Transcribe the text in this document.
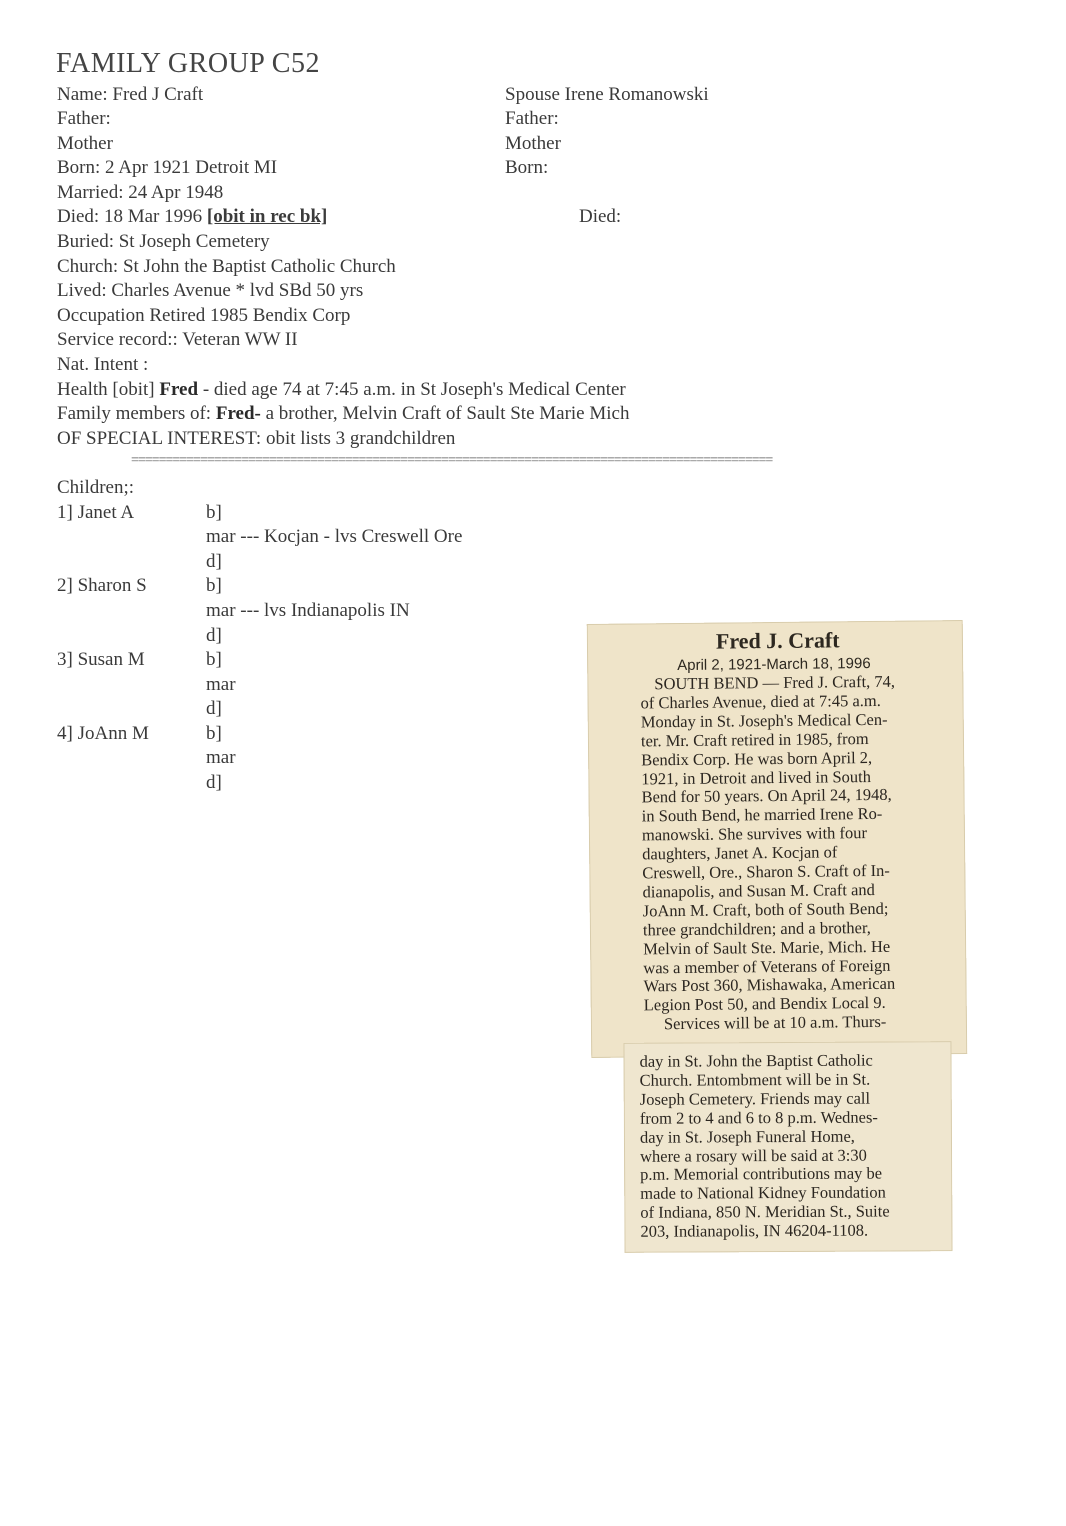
FAMILY GROUP C52
Name: Fred J Craft
Father:
Mother
Born: 2 Apr 1921 Detroit MI
Married: 24 Apr 1948
Died: 18 Mar 1996 [obit in rec bk]
Buried: St Joseph Cemetery
Church: St John the Baptist Catholic Church
Lived: Charles Avenue * lvd SBd 50 yrs
Occupation Retired 1985 Bendix Corp
Service record:: Veteran WW II
Nat. Intent :
Health [obit] Fred - died age 74 at 7:45 a.m. in St Joseph's Medical Center
Family members of: Fred- a brother, Melvin Craft of Sault Ste Marie Mich
OF SPECIAL INTEREST: obit lists 3 grandchildren
Spouse Irene Romanowski
Father:
Mother
Born:
Died:
=============================================================================================
Children;:
1] Janet A	b]
mar --- Kocjan - lvs Creswell Ore
d]
2] Sharon S	b]
mar --- lvs Indianapolis IN
d]
3] Susan M	b]
mar
d]
4] JoAnn M	b]
mar
d]
Fred J. Craft
April 2, 1921-March 18, 1996
SOUTH BEND — Fred J. Craft, 74,
of Charles Avenue, died at 7:45 a.m.
Monday in St. Joseph's Medical Cen-
ter. Mr. Craft retired in 1985, from
Bendix Corp. He was born April 2,
1921, in Detroit and lived in South
Bend for 50 years. On April 24, 1948,
in South Bend, he married Irene Ro-
manowski. She survives with four
daughters, Janet A. Kocjan of
Creswell, Ore., Sharon S. Craft of In-
dianapolis, and Susan M. Craft and
JoAnn M. Craft, both of South Bend;
three grandchildren; and a brother,
Melvin of Sault Ste. Marie, Mich. He
was a member of Veterans of Foreign
Wars Post 360, Mishawaka, American
Legion Post 50, and Bendix Local 9.
Services will be at 10 a.m. Thurs-
day in St. John the Baptist Catholic
Church. Entombment will be in St.
Joseph Cemetery. Friends may call
from 2 to 4 and 6 to 8 p.m. Wednes-
day in St. Joseph Funeral Home,
where a rosary will be said at 3:30
p.m. Memorial contributions may be
made to National Kidney Foundation
of Indiana, 850 N. Meridian St., Suite
203, Indianapolis, IN 46204-1108.
